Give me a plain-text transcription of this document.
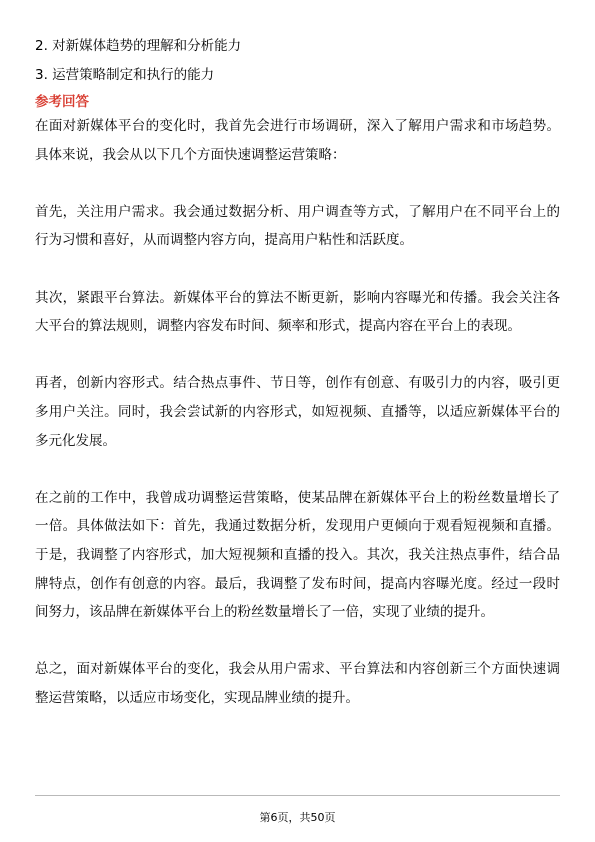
2. 对新媒体趋势的理解和分析能力

3. 运营策略制定和执行的能力

参考回答

在面对新媒体平台的变化时，我首先会进行市场调研，深入了解用户需求和市场趋势。具体来说，我会从以下几个方面快速调整运营策略：

首先，关注用户需求。我会通过数据分析、用户调查等方式，了解用户在不同平台上的行为习惯和喜好，从而调整内容方向，提高用户粘性和活跃度。

其次，紧跟平台算法。新媒体平台的算法不断更新，影响内容曝光和传播。我会关注各大平台的算法规则，调整内容发布时间、频率和形式，提高内容在平台上的表现。

再者，创新内容形式。结合热点事件、节日等，创作有创意、有吸引力的内容，吸引更多用户关注。同时，我会尝试新的内容形式，如短视频、直播等，以适应新媒体平台的多元化发展。

在之前的工作中，我曾成功调整运营策略，使某品牌在新媒体平台上的粉丝数量增长了一倍。具体做法如下：首先，我通过数据分析，发现用户更倾向于观看短视频和直播。于是，我调整了内容形式，加大短视频和直播的投入。其次，我关注热点事件，结合品牌特点，创作有创意的内容。最后，我调整了发布时间，提高内容曝光度。经过一段时间努力，该品牌在新媒体平台上的粉丝数量增长了一倍，实现了业绩的提升。

总之，面对新媒体平台的变化，我会从用户需求、平台算法和内容创新三个方面快速调整运营策略，以适应市场变化，实现品牌业绩的提升。

第6页，共50页
